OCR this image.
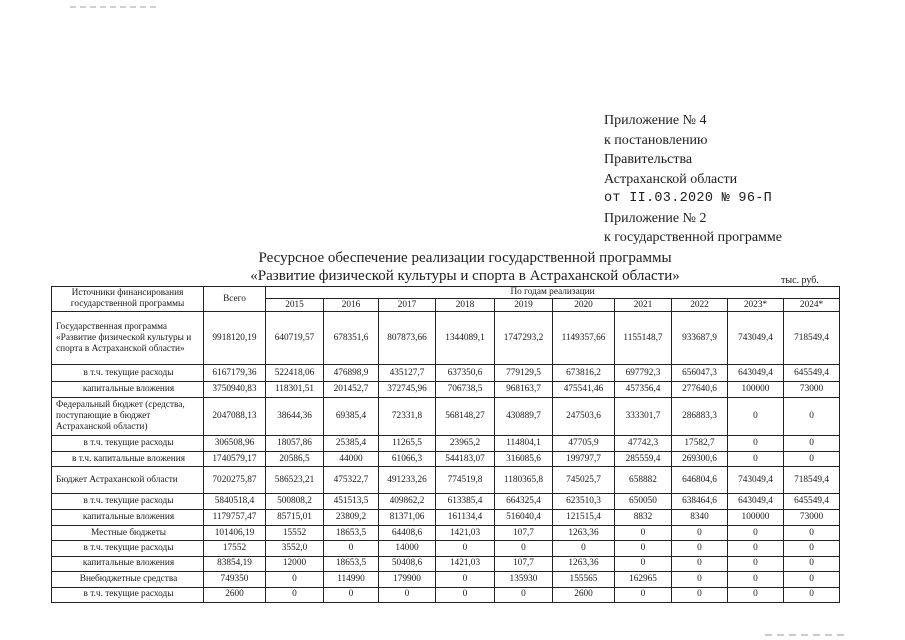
Приложение № 4
к постановлению
Правительства
Астраханской области
от II.03.2020 № 96-П
Приложение № 2
к государственной программе
Ресурсное обеспечение реализации государственной программы
«Развитие физической культуры и спорта в Астраханской области»	тыс. руб.
Источники финансирования государственной программы	Всего	По годам реализации									
		2015	2016	2017	2018	2019	2020	2021	2022	2023*	2024*
Государственная программа «Развитие физической культуры и спорта в Астраханской области»	9918120,19	640719,57	678351,6	807873,66	1344089,1	1747293,2	1149357,66	1155148,7	933687,9	743049,4	718549,4
в т.ч. текущие расходы	6167179,36	522418,06	476898,9	435127,7	637350,6	779129,5	673816,2	697792,3	656047,3	643049,4	645549,4
капитальные вложения	3750940,83	118301,51	201452,7	372745,96	706738,5	968163,7	475541,46	457356,4	277640,6	100000	73000
Федеральный бюджет (средства, поступающие в бюджет Астраханской области)	2047088,13	38644,36	69385,4	72331,8	568148,27	430889,7	247503,6	333301,7	286883,3	0	0
в т.ч. текущие расходы	306508,96	18057,86	25385,4	11265,5	23965,2	114804,1	47705,9	47742,3	17582,7	0	0
в т.ч. капитальные вложения	1740579,17	20586,5	44000	61066,3	544183,07	316085,6	199797,7	285559,4	269300,6	0	0
Бюджет Астраханской области	7020275,87	586523,21	475322,7	491233,26	774519,8	1180365,8	745025,7	658882	646804,6	743049,4	718549,4
в т.ч. текущие расходы	5840518,4	500808,2	451513,5	409862,2	613385,4	664325,4	623510,3	650050	638464,6	643049,4	645549,4
капитальные вложения	1179757,47	85715,01	23809,2	81371,06	161134,4	516040,4	121515,4	8832	8340	100000	73000
Местные бюджеты	101406,19	15552	18653,5	64408,6	1421,03	107,7	1263,36	0	0	0	0
в т.ч. текущие расходы	17552	3552,0	0	14000	0	0	0	0	0	0	0
капитальные вложения	83854,19	12000	18653,5	50408,6	1421,03	107,7	1263,36	0	0	0	0
Внебюджетные средства	749350	0	114990	179900	0	135930	155565	162965	0	0	0
в т.ч. текущие расходы	2600	0	0	0	0	0	2600	0	0	0	0
